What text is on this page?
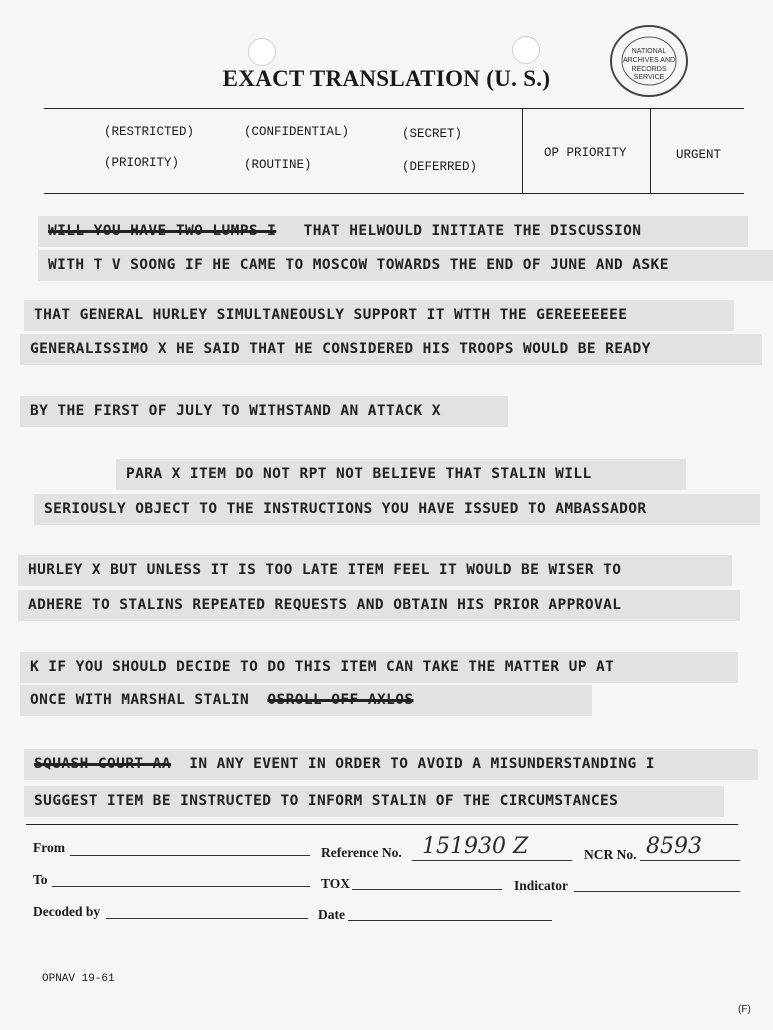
NATIONAL
ARCHIVES AND
RECORDS
SERVICE
EXACT TRANSLATION (U. S.)
(RESTRICTED)	(CONFIDENTIAL)	(SECRET)
(PRIORITY)	(ROUTINE)	(DEFERRED)
OP PRIORITY	URGENT
WILL YOU HAVE TWO LUMPS I THAT HELWOULD INITIATE THE DISCUSSION
WITH T V SOONG IF HE CAME TO MOSCOW TOWARDS THE END OF JUNE AND ASKE
THAT GENERAL HURLEY SIMULTANEOUSLY SUPPORT IT WTTH THE GEREEEEEEE
GENERALISSIMO X HE SAID THAT HE CONSIDERED HIS TROOPS WOULD BE READY
BY THE FIRST OF JULY TO WITHSTAND AN ATTACK X
PARA X ITEM DO NOT RPT NOT BELIEVE THAT STALIN WILL
SERIOUSLY OBJECT TO THE INSTRUCTIONS YOU HAVE ISSUED TO AMBASSADOR
HURLEY X BUT UNLESS IT IS TOO LATE ITEM FEEL IT WOULD BE WISER TO
ADHERE TO STALINS REPEATED REQUESTS AND OBTAIN HIS PRIOR APPROVAL
K IF YOU SHOULD DECIDE TO DO THIS ITEM CAN TAKE THE MATTER UP AT
ONCE WITH MARSHAL STALIN OSROLL OFF AXLOS
SQUASH COURT AA IN ANY EVENT IN ORDER TO AVOID A MISUNDERSTANDING I
SUGGEST ITEM BE INSTRUCTED TO INFORM STALIN OF THE CIRCUMSTANCES
From	Reference No. 151930 Z	NCR No. 8593
To	TOX	Indicator
Decoded by	Date
OPNAV 19-61
(F)
